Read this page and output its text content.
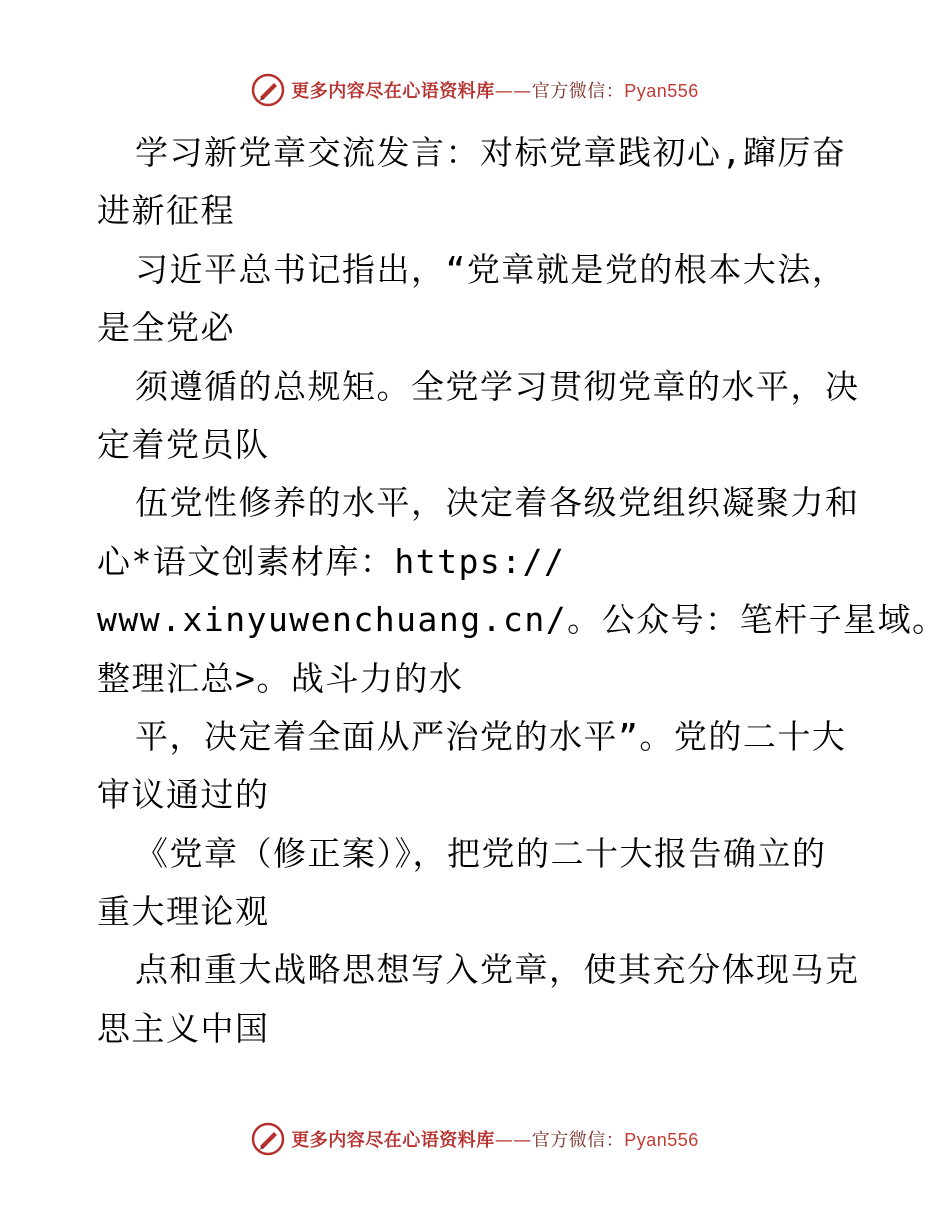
更多内容尽在心语资料库——官方微信：Pyan556
学习新党章交流发言：对标党章践初心,蹿厉奋
进新征程
习近平总书记指出，“党章就是党的根本大法，
是全党必
须遵循的总规矩。全党学习贯彻党章的水平，决
定着党员队
伍党性修养的水平，决定着各级党组织凝聚力和
心*语文创素材库：https://
www.xinyuwenchuang.cn/。公众号：笔杆子星域。
整理汇总>。战斗力的水
平，决定着全面从严治党的水平”。党的二十大
审议通过的
《党章（修正案）》，把党的二十大报告确立的
重大理论观
点和重大战略思想写入党章，使其充分体现马克
思主义中国
更多内容尽在心语资料库——官方微信：Pyan556
